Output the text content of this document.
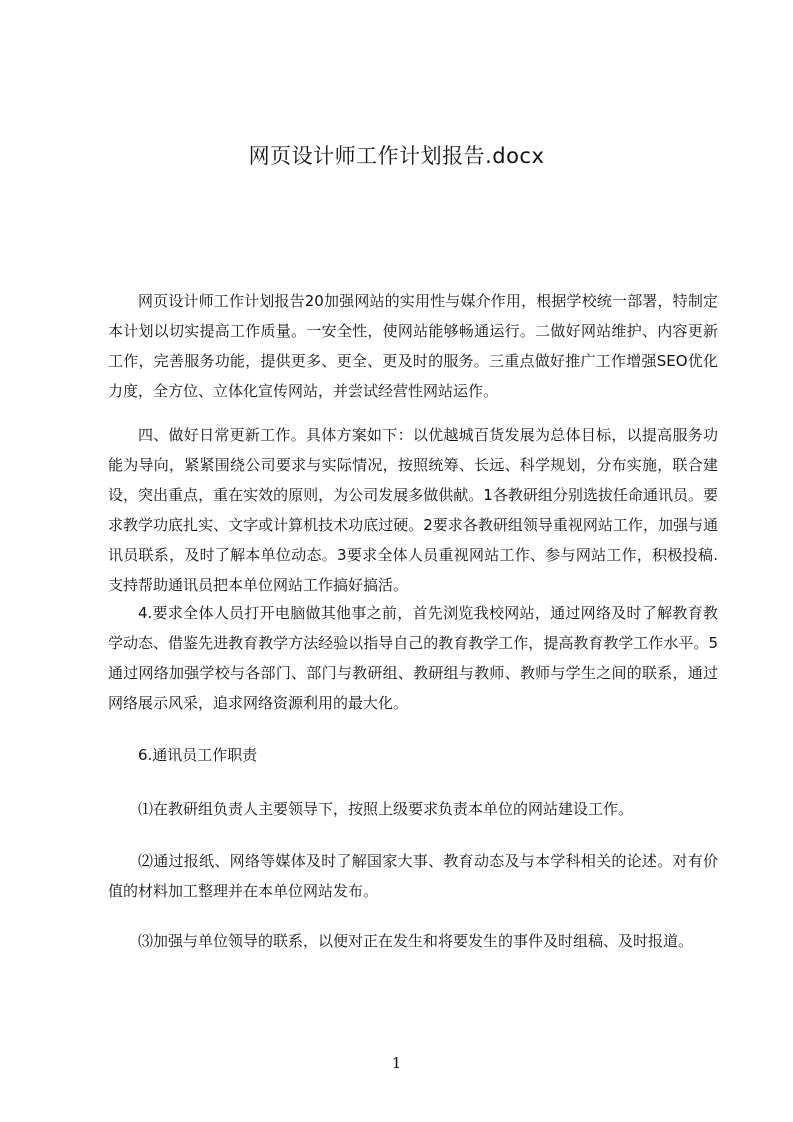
网页设计师工作计划报告.docx

网页设计师工作计划报告20加强网站的实用性与媒介作用，根据学校统一部署，特制定本计划以切实提高工作质量。一安全性，使网站能够畅通运行。二做好网站维护、内容更新工作，完善服务功能，提供更多、更全、更及时的服务。三重点做好推广工作增强SEO优化力度，全方位、立体化宣传网站，并尝试经营性网站运作。

四、做好日常更新工作。具体方案如下：以优越城百货发展为总体目标，以提高服务功能为导向，紧紧围绕公司要求与实际情况，按照统筹、长远、科学规划，分布实施，联合建设，突出重点，重在实效的原则，为公司发展多做供献。1各教研组分别选拔任命通讯员。要求教学功底扎实、文字或计算机技术功底过硬。2要求各教研组领导重视网站工作，加强与通讯员联系，及时了解本单位动态。3要求全体人员重视网站工作、参与网站工作，积极投稿.支持帮助通讯员把本单位网站工作搞好搞活。

4.要求全体人员打开电脑做其他事之前，首先浏览我校网站，通过网络及时了解教育教学动态、借鉴先进教育教学方法经验以指导自己的教育教学工作，提高教育教学工作水平。5通过网络加强学校与各部门、部门与教研组、教研组与教师、教师与学生之间的联系，通过网络展示风采，追求网络资源利用的最大化。

6.通讯员工作职责

⑴在教研组负责人主要领导下，按照上级要求负责本单位的网站建设工作。

⑵通过报纸、网络等媒体及时了解国家大事、教育动态及与本学科相关的论述。对有价值的材料加工整理并在本单位网站发布。

⑶加强与单位领导的联系，以便对正在发生和将要发生的事件及时组稿、及时报道。

1
